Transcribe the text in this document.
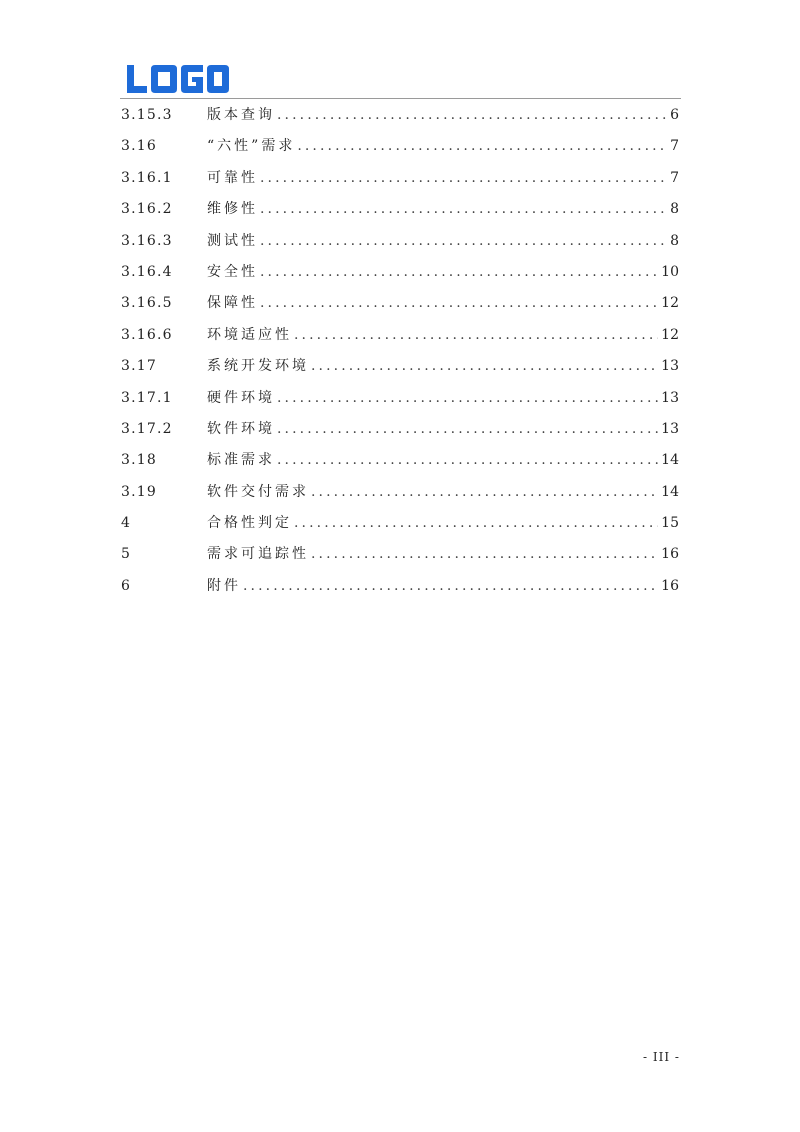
3.15.3	版本查询 .....	6
3.16	“六性”需求 .....	7
3.16.1	可靠性 .....	7
3.16.2	维修性 .....	8
3.16.3	测试性 .....	8
3.16.4	安全性 .....	10
3.16.5	保障性 .....	12
3.16.6	环境适应性 .....	12
3.17	系统开发环境 .....	13
3.17.1	硬件环境 .....	13
3.17.2	软件环境 .....	13
3.18	标准需求 .....	14
3.19	软件交付需求 .....	14
4	合格性判定 .....	15
5	需求可追踪性 .....	16
6	附件 .....	16
- III -
